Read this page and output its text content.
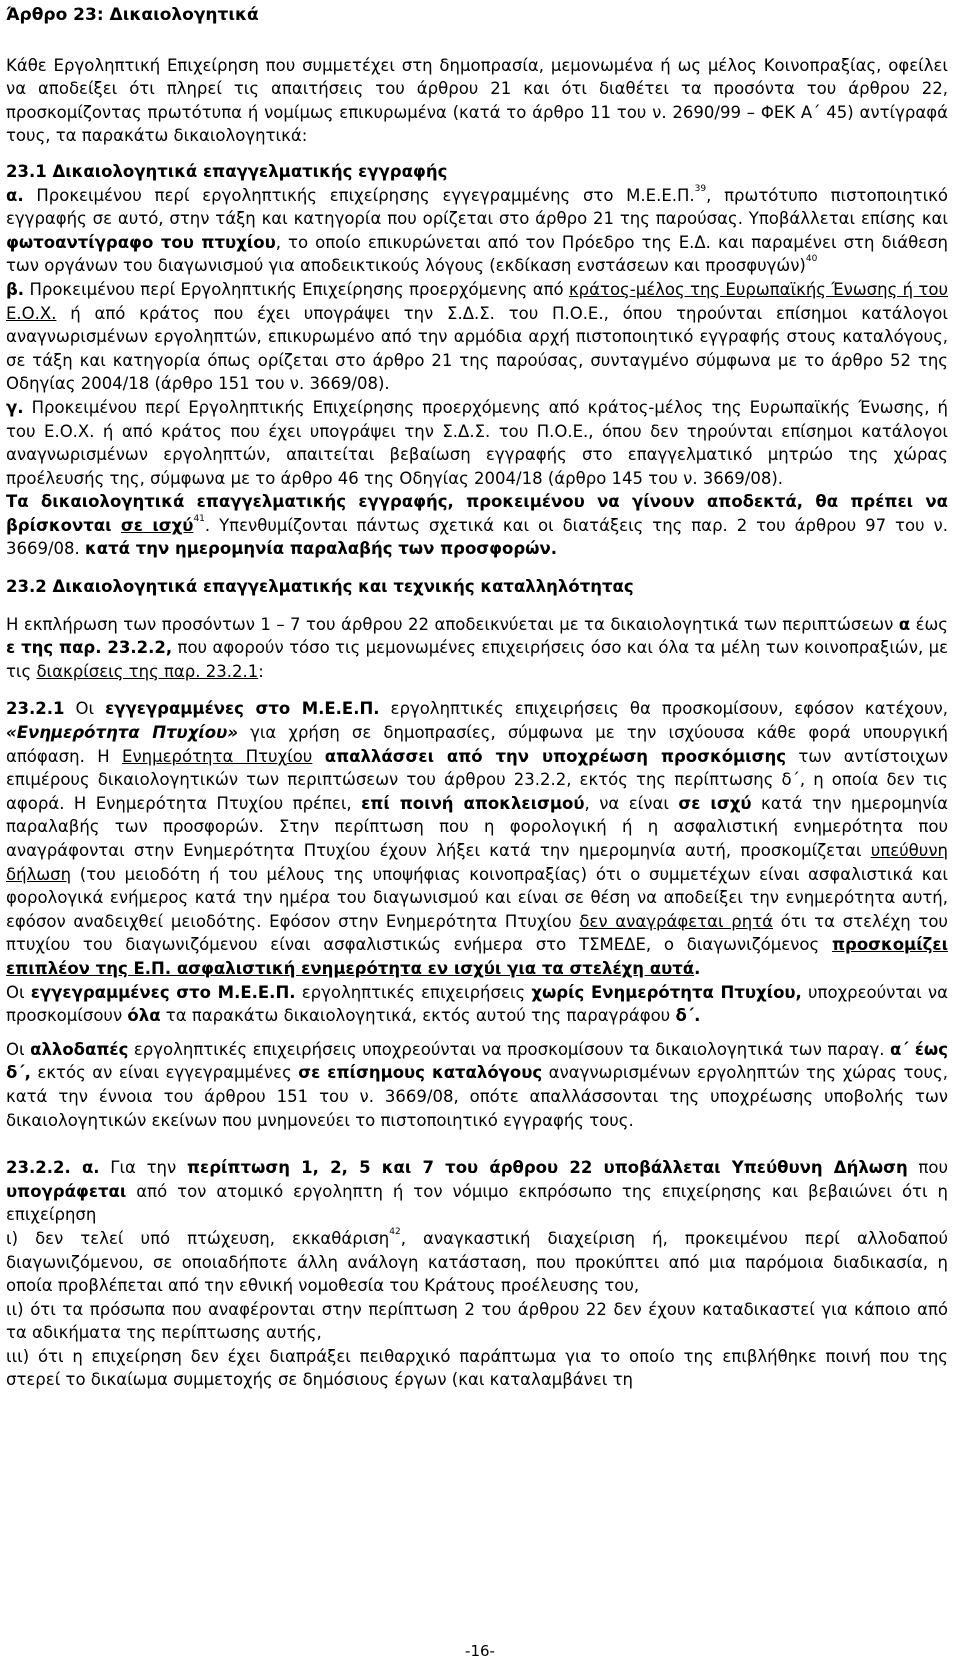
Άρθρο 23: Δικαιολογητικά

Κάθε Εργοληπτική Επιχείρηση που συμμετέχει στη δημοπρασία, μεμονωμένα ή ως μέλος Κοινοπραξίας, οφείλει να αποδείξει ότι πληρεί τις απαιτήσεις του άρθρου 21 και ότι διαθέτει τα προσόντα του άρθρου 22, προσκομίζοντας πρωτότυπα ή νομίμως επικυρωμένα (κατά το άρθρο 11 του ν. 2690/99 – ΦΕΚ Α΄ 45) αντίγραφά τους, τα παρακάτω δικαιολογητικά:

23.1 Δικαιολογητικά επαγγελματικής εγγραφής

α. Προκειμένου περί εργοληπτικής επιχείρησης εγγεγραμμένης στο Μ.Ε.Ε.Π.$^{39}$, πρωτότυπο πιστοποιητικό εγγραφής σε αυτό, στην τάξη και κατηγορία που ορίζεται στο άρθρο 21 της παρούσας. Υποβάλλεται επίσης και φωτοαντίγραφο του πτυχίου, το οποίο επικυρώνεται από τον Πρόεδρο της Ε.Δ. και παραμένει στη διάθεση των οργάνων του διαγωνισμού για αποδεικτικούς λόγους (εκδίκαση ενστάσεων και προσφυγών)$^{40}$

β. Προκειμένου περί Εργοληπτικής Επιχείρησης προερχόμενης από κράτος-μέλος της Ευρωπαϊκής Ένωσης ή του Ε.Ο.Χ. ή από κράτος που έχει υπογράψει την Σ.Δ.Σ. του Π.Ο.Ε., όπου τηρούνται επίσημοι κατάλογοι αναγνωρισμένων εργοληπτών, επικυρωμένο από την αρμόδια αρχή πιστοποιητικό εγγραφής στους καταλόγους, σε τάξη και κατηγορία όπως ορίζεται στο άρθρο 21 της παρούσας, συνταγμένο σύμφωνα με το άρθρο 52 της Οδηγίας 2004/18 (άρθρο 151 του ν. 3669/08).

γ. Προκειμένου περί Εργοληπτικής Επιχείρησης προερχόμενης από κράτος-μέλος της Ευρωπαϊκής Ένωσης, ή του Ε.Ο.Χ. ή από κράτος που έχει υπογράψει την Σ.Δ.Σ. του Π.Ο.Ε., όπου δεν τηρούνται επίσημοι κατάλογοι αναγνωρισμένων εργοληπτών, απαιτείται βεβαίωση εγγραφής στο επαγγελματικό μητρώο της χώρας προέλευσής της, σύμφωνα με το άρθρο 46 της Οδηγίας 2004/18 (άρθρο 145 του ν. 3669/08).

Τα δικαιολογητικά επαγγελματικής εγγραφής, προκειμένου να γίνουν αποδεκτά, θα πρέπει να βρίσκονται σε ισχύ$^{41}$. Υπενθυμίζονται πάντως σχετικά και οι διατάξεις της παρ. 2 του άρθρου 97 του ν. 3669/08. κατά την ημερομηνία παραλαβής των προσφορών.

23.2 Δικαιολογητικά επαγγελματικής και τεχνικής καταλληλότητας

Η εκπλήρωση των προσόντων 1 – 7 του άρθρου 22 αποδεικνύεται με τα δικαιολογητικά των περιπτώσεων α έως ε της παρ. 23.2.2, που αφορούν τόσο τις μεμονωμένες επιχειρήσεις όσο και όλα τα μέλη των κοινοπραξιών, με τις διακρίσεις της παρ. 23.2.1:

23.2.1 Οι εγγεγραμμένες στο Μ.Ε.Ε.Π. εργοληπτικές επιχειρήσεις θα προσκομίσουν, εφόσον κατέχουν, «Ενημερότητα Πτυχίου» για χρήση σε δημοπρασίες, σύμφωνα με την ισχύουσα κάθε φορά υπουργική απόφαση. Η Ενημερότητα Πτυχίου απαλλάσσει από την υποχρέωση προσκόμισης των αντίστοιχων επιμέρους δικαιολογητικών των περιπτώσεων του άρθρου 23.2.2, εκτός της περίπτωσης δ΄, η οποία δεν τις αφορά. Η Ενημερότητα Πτυχίου πρέπει, επί ποινή αποκλεισμού, να είναι σε ισχύ κατά την ημερομηνία παραλαβής των προσφορών. Στην περίπτωση που η φορολογική ή η ασφαλιστική ενημερότητα που αναγράφονται στην Ενημερότητα Πτυχίου έχουν λήξει κατά την ημερομηνία αυτή, προσκομίζεται υπεύθυνη δήλωση (του μειοδότη ή του μέλους της υποψήφιας κοινοπραξίας) ότι ο συμμετέχων είναι ασφαλιστικά και φορολογικά ενήμερος κατά την ημέρα του διαγωνισμού και είναι σε θέση να αποδείξει την ενημερότητα αυτή, εφόσον αναδειχθεί μειοδότης. Εφόσον στην Ενημερότητα Πτυχίου δεν αναγράφεται ρητά ότι τα στελέχη του πτυχίου του διαγωνιζόμενου είναι ασφαλιστικώς ενήμερα στο ΤΣΜΕΔΕ, ο διαγωνιζόμενος προσκομίζει επιπλέον της Ε.Π. ασφαλιστική ενημερότητα εν ισχύι για τα στελέχη αυτά.

Οι εγγεγραμμένες στο Μ.Ε.Ε.Π. εργοληπτικές επιχειρήσεις χωρίς Ενημερότητα Πτυχίου, υποχρεούνται να προσκομίσουν όλα τα παρακάτω δικαιολογητικά, εκτός αυτού της παραγράφου δ΄.

Οι αλλοδαπές εργοληπτικές επιχειρήσεις υποχρεούνται να προσκομίσουν τα δικαιολογητικά των παραγ. α΄ έως δ΄, εκτός αν είναι εγγεγραμμένες σε επίσημους καταλόγους αναγνωρισμένων εργοληπτών της χώρας τους, κατά την έννοια του άρθρου 151 του ν. 3669/08, οπότε απαλλάσσονται της υποχρέωσης υποβολής των δικαιολογητικών εκείνων που μνημονεύει το πιστοποιητικό εγγραφής τους.

23.2.2. α. Για την περίπτωση 1, 2, 5 και 7 του άρθρου 22 υποβάλλεται Υπεύθυνη Δήλωση που υπογράφεται από τον ατομικό εργοληπτη ή τον νόμιμο εκπρόσωπο της επιχείρησης και βεβαιώνει ότι η επιχείρηση

ι) δεν τελεί υπό πτώχευση, εκκαθάριση$^{42}$, αναγκαστική διαχείριση ή, προκειμένου περί αλλοδαπού διαγωνιζόμενου, σε οποιαδήποτε άλλη ανάλογη κατάσταση, που προκύπτει από μια παρόμοια διαδικασία, η οποία προβλέπεται από την εθνική νομοθεσία του Κράτους προέλευσης του,

ιι) ότι τα πρόσωπα που αναφέρονται στην περίπτωση 2 του άρθρου 22 δεν έχουν καταδικαστεί για κάποιο από τα αδικήματα της περίπτωσης αυτής,

ιιι) ότι η επιχείρηση δεν έχει διαπράξει πειθαρχικό παράπτωμα για το οποίο της επιβλήθηκε ποινή που της στερεί το δικαίωμα συμμετοχής σε δημόσιους έργων (και καταλαμβάνει τη

-16-
